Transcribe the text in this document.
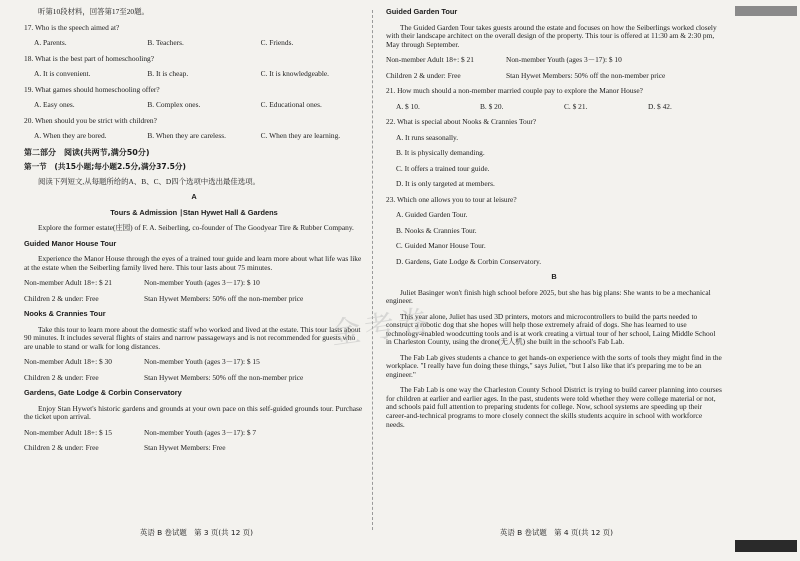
听第10段材料，回答第17至20题。

17. Who is the speech aimed at?
A. Parents.	B. Teachers.	C. Friends.
18. What is the best part of homeschooling?
A. It is convenient.	B. It is cheap.	C. It is knowledgeable.
19. What games should homeschooling offer?
A. Easy ones.	B. Complex ones.	C. Educational ones.
20. When should you be strict with children?
A. When they are bored.	B. When they are careless.	C. When they are learning.
第二部分　阅读(共两节,满分50分)
第一节　(共15小题;每小题2.5分,满分37.5分)

阅读下列短文,从每题所给的A、B、C、D四个选项中选出最佳选项。

A

Tours & Admission ∣Stan Hywet Hall & Gardens

Explore the former estate(庄园) of F. A. Seiberling, co-founder of The Goodyear Tire & Rubber Company.

Guided Manor House Tour

Experience the Manor House through the eyes of a trained tour guide and learn more about what life was like at the estate when the Seiberling family lived here. This tour lasts about 75 minutes.

Non-member Adult 18+: $ 21	Non-member Youth (ages 3－17): $ 10
Children 2 & under: Free	Stan Hywet Members: 50% off the non-member price

Nooks & Crannies Tour

Take this tour to learn more about the domestic staff who worked and lived at the estate. This tour lasts about 90 minutes. It includes several flights of stairs and narrow passageways and is not recommended for guests who are unable to stand or walk for long distances.

Non-member Adult 18+: $ 30	Non-member Youth (ages 3－17): $ 15
Children 2 & under: Free	Stan Hywet Members: 50% off the non-member price

Gardens, Gate Lodge & Corbin Conservatory

Enjoy Stan Hywet's historic gardens and grounds at your own pace on this self-guided grounds tour. Purchase the ticket upon arrival.

Non-member Adult 18+: $ 15	Non-member Youth (ages 3－17): $ 7
Children 2 & under: Free	Stan Hywet Members: Free

Guided Garden Tour

The Guided Garden Tour takes guests around the estate and focuses on how the Seiberlings worked closely with their landscape architect on the overall design of the property. This tour is offered at 11:30 am & 2:30 pm, May through September.

Non-member Adult 18+: $ 21	Non-member Youth (ages 3－17): $ 10
Children 2 & under: Free	Stan Hywet Members: 50% off the non-member price
21. How much should a non-member married couple pay to explore the Manor House?
A. $ 10.	B. $ 20.	C. $ 21.	D. $ 42.
22. What is special about Nooks & Crannies Tour?
A. It runs seasonally.
B. It is physically demanding.
C. It offers a trained tour guide.
D. It is only targeted at members.
23. Which one allows you to tour at leisure?
A. Guided Garden Tour.
B. Nooks & Crannies Tour.
C. Guided Manor House Tour.
D. Gardens, Gate Lodge & Corbin Conservatory.

B

Juliet Basinger won't finish high school before 2025, but she has big plans: She wants to be a mechanical engineer.

This year alone, Juliet has used 3D printers, motors and microcontrollers to build the parts needed to construct a robotic dog that she hopes will help those extremely afraid of dogs. She has learned to use technology-enabled woodcutting tools and is at work creating a virtual tour of her school, Laing Middle School in Charleston County, using the drone(无人机) she built in the school's Fab Lab.

The Fab Lab gives students a chance to get hands-on experience with the sorts of tools they might find in the workplace. "I really have fun doing these things," says Juliet, "but I also like that it's preparing me to be an engineer."

The Fab Lab is one way the Charleston County School District is trying to build career planning into courses for children at earlier and earlier ages. In the past, students were told whether they were college material or not, and schools paid full attention to preparing students for college. Now, school systems are speeding up their career-and-technical programs to more closely connect the skills students acquire in school with workforce needs.

金考卷
英语 B 卷试题　第 3 页(共 12 页)	英语 B 卷试题　第 4 页(共 12 页)
